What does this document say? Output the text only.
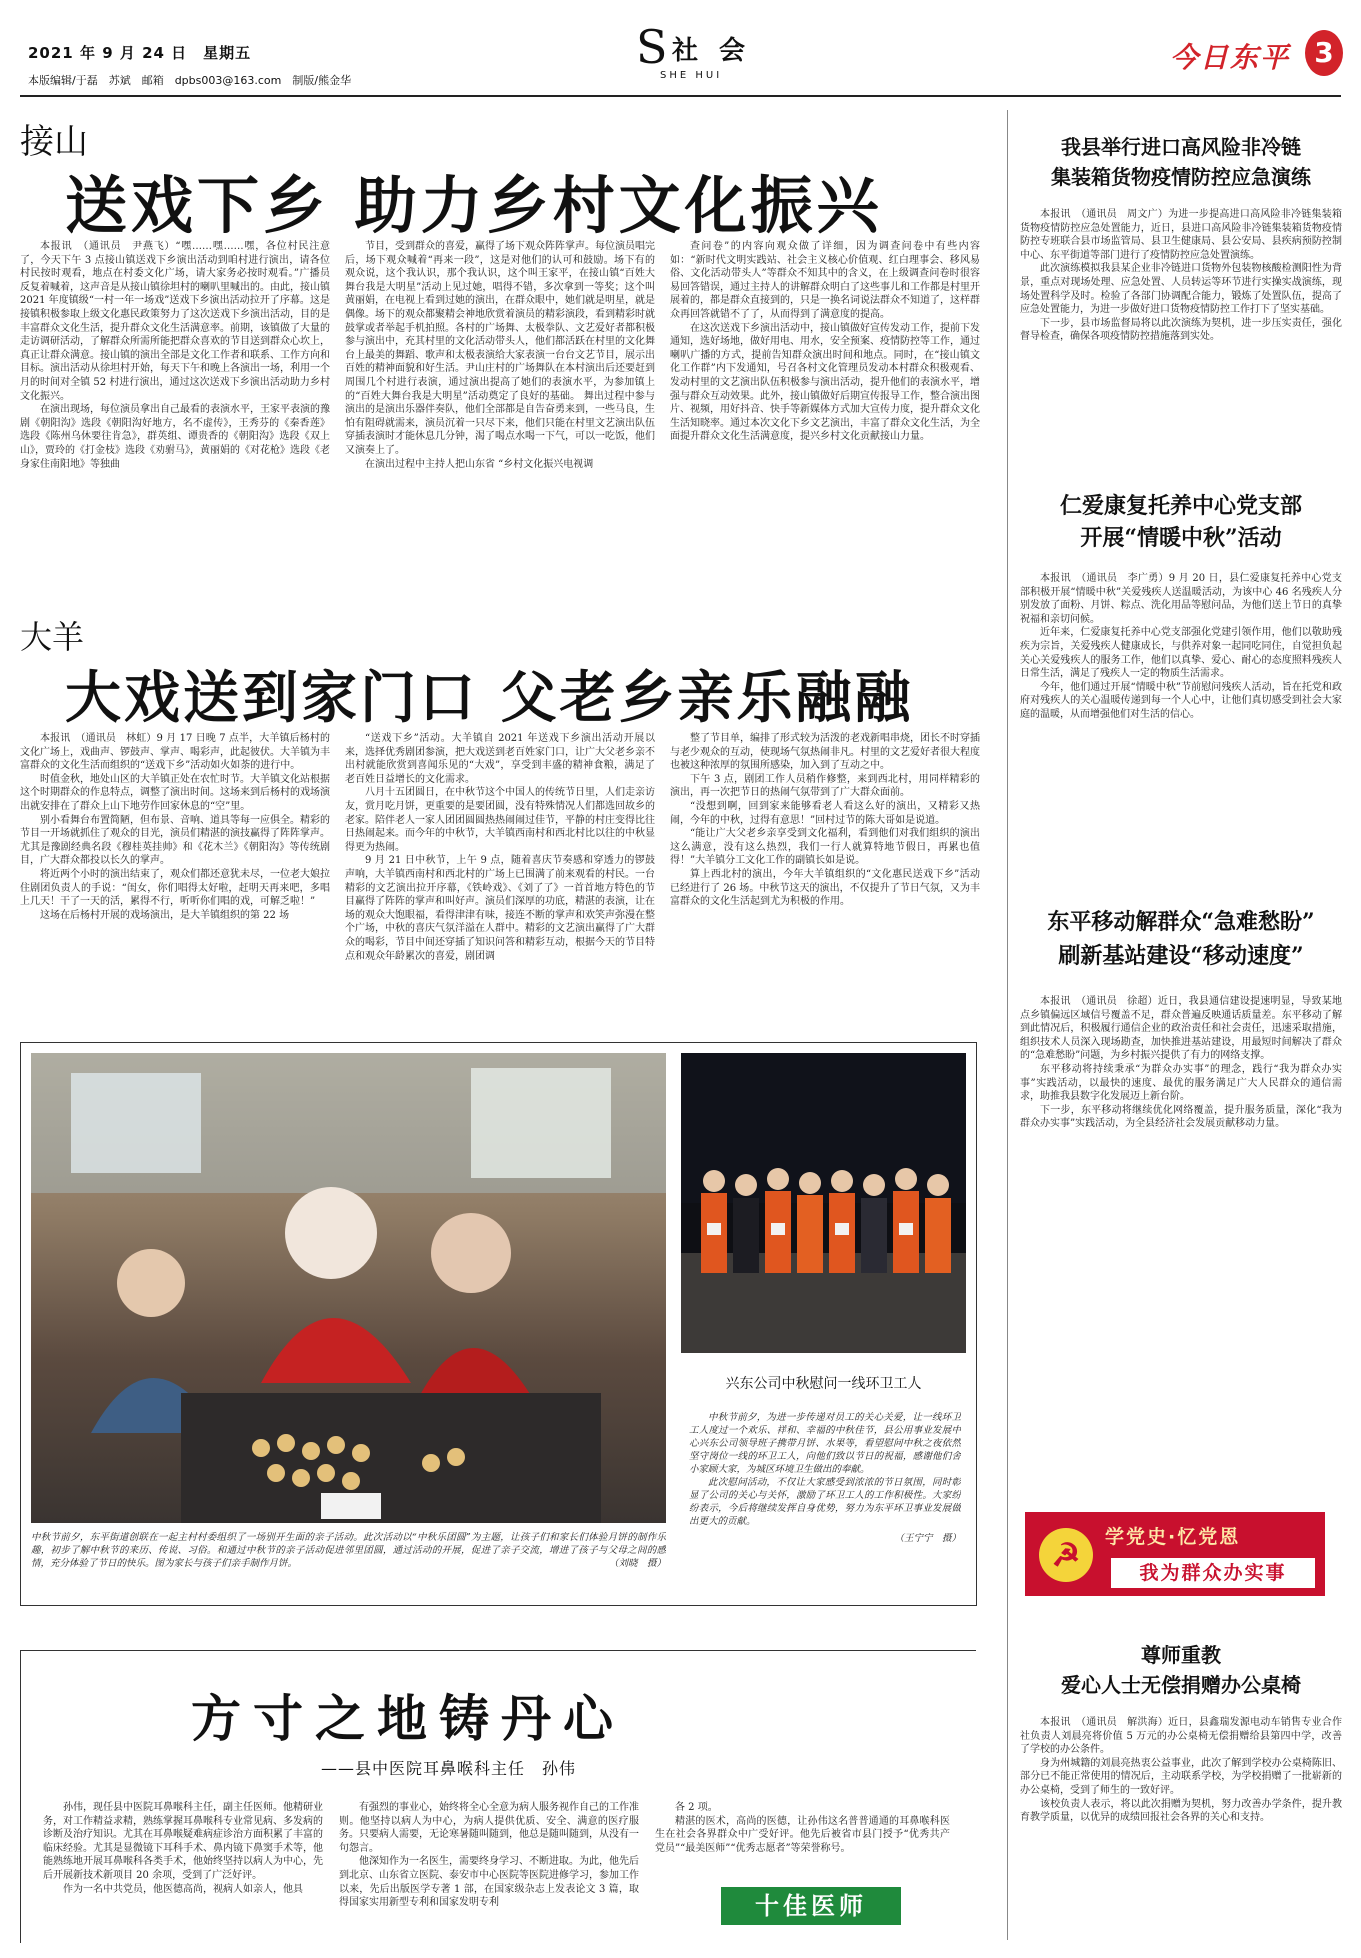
2021 年 9 月 24 日　星期五
本版编辑/于磊　苏斌　邮箱　dpbs003@163.com　制版/熊金华
S 社 会
SHE HUI
今日东平 3
接山
送戏下乡 助力乡村文化振兴

本报讯　（通讯员　尹燕飞）“嘿……嘿……嘿，各位村民注意了，今天下午 3 点接山镇送戏下乡演出活动到咱村进行演出，请各位村民按时观看，地点在村委文化广场，请大家务必按时观看。”广播员反复着喊着，这声音是从接山镇徐坦村的喇叭里喊出的。由此，接山镇 2021 年度镇级“一村一年一场戏”送戏下乡演出活动拉开了序幕。这是接镇积极参取上级文化惠民政策努力了这次送戏下乡演出活动，目的是丰富群众文化生活，提升群众文化生活满意率。前期，该镇做了大量的走访调研活动，了解群众所需所能把群众喜欢的节目送到群众心坎上，真正让群众满意。接山镇的演出全部是文化工作者和联系、工作方向和目标。演出活动从徐坦村开始，每天下午和晚上各演出一场，利用一个月的时间对全镇 52 村进行演出，通过这次送戏下乡演出活动助力乡村文化振兴。

在演出现场，每位演员拿出自己最看的表演水平，王家平表演的豫剧《朝阳沟》选段《朝阳沟好地方，名不虚传》，王秀芬的《秦香莲》选段《陈州乌休要往肯急》，群英组、谭贵香的《朝阳沟》选段《双上山》，贾玲的《打金枝》选段《劝驸马》，黄丽娟的《对花枪》选段《老身家住南阳地》等独曲

节目，受到群众的喜爱，赢得了场下观众阵阵掌声。每位演员唱完后，场下观众喊着“再来一段”，这是对他们的认可和鼓励。场下有的观众说，这个我认识，那个我认识，这个叫王家平，在接山镇“百姓大舞台我是大明星”活动上见过她，唱得不错，多次拿到一等奖；这个叫黄丽娟，在电视上看到过她的演出，在群众眼中，她们就是明星，就是偶像。场下的观众都聚精会神地欣赏着演员的精彩演段，看到精彩时就鼓掌或者举起手机拍照。各村的广场舞、太极拳队、文艺爱好者都积极参与演出中，充其村里的文化活动带头人，他们都活跃在村里的文化舞台上最美的舞蹈、歌声和太极表演给大家表演一台台文艺节目，展示出百姓的精神面貌和好生活。尹山庄村的广场舞队在本村演出后还要赶到周围几个村进行表演，通过演出提高了她们的表演水平，为参加镇上的“百姓大舞台我是大明星”活动奠定了良好的基础。 舞出过程中参与演出的是演出乐器伴奏队，他们全部都是自告奋勇来到，一些马良，生怕有阻碍就需来，演员沉着一只尽下来，他们只能在村里文艺演出队伍穿插表演时才能休息几分钟，渴了喝点水喝一下气，可以一吃饭，他们又演奏上了。

在演出过程中主持人把山东省 “乡村文化振兴电视调

查问卷”的内容向观众做了详细，因为调查问卷中有些内容如：“新时代文明实践站、社会主义核心价值观、红白理事会、移风易俗、文化活动带头人”等群众不知其中的含义，在上级调查问卷时很容易回答错误，通过主持人的讲解群众明白了这些事儿和工作都是村里开展着的，都是群众直接到的，只是一换名词说法群众不知道了，这样群众再回答就错不了了，从而得到了满意度的提高。

在这次送戏下乡演出活动中，接山镇做好宣传发动工作，提前下发通知，选好场地，做好用电、用水，安全预案、疫情防控等工作，通过喇叭广播的方式，提前告知群众演出时间和地点。同时，在“接山镇文化工作群”内下发通知，号召各村文化管理员发动本村群众积极观看、发动村里的文艺演出队伍积极参与演出活动，提升他们的表演水平，增强与群众互动效果。此外，接山镇做好后期宣传报导工作，整合演出图片、视频，用好抖音、快手等新媒体方式加大宣传力度，提升群众文化生活知晓率。通过本次文化下乡文艺演出，丰富了群众文化生活，为全面提升群众文化生活满意度，提兴乡村文化贡献接山力量。

大羊
大戏送到家门口 父老乡亲乐融融

本报讯　（通讯员　林虹）9 月 17 日晚 7 点半，大羊镇后杨村的文化广场上，戏曲声、锣鼓声、掌声、喝彩声，此起彼伏。大羊镇为丰富群众的文化生活而组织的“送戏下乡”活动如火如荼的进行中。

时值金秋，地处山区的大羊镇正处在农忙时节。大羊镇文化站根据这个时期群众的作息特点，调整了演出时间。这场来到后杨村的戏场演出就安排在了群众上山下地劳作回家休息的“空”里。

别小看舞台布置简陋，但布景、音响、道具等每一应俱全。精彩的节目一开场就抓住了观众的目光，演员们精湛的演技赢得了阵阵掌声。尤其是豫剧经典名段《穆桂英挂帅》和《花木兰》《朝阳沟》等传统剧目，广大群众都投以长久的掌声。

将近两个小时的演出结束了，观众们都还意犹未尽，一位老大娘拉住剧团负责人的手说：“闺女，你们唱得太好啦，赶明天再来吧，多唱上几天！干了一天的活，累得不行，听听你们唱的戏，可解乏啦！”

这场在后杨村开展的戏场演出，是大羊镇组织的第 22 场

“送戏下乡”活动。大羊镇自 2021 年送戏下乡演出活动开展以来，选择优秀剧团参演，把大戏送到老百姓家门口，让广大父老乡亲不出村就能欣赏到喜闻乐见的“大戏”，享受到丰盛的精神食粮，满足了老百姓日益增长的文化需求。

八月十五团圆日，在中秋节这个中国人的传统节日里，人们走亲访友，赏月吃月饼，更重要的是要团圆，没有特殊情况人们都选回故乡的老家。陪伴老人一家人团团圆圆热热闹闹过佳节，平静的村庄变得比往日热闹起来。而今年的中秋节，大羊镇西南村和西北村比以往的中秋显得更为热闹。

9 月 21 日中秋节，上午 9 点，随着喜庆节奏感和穿透力的锣鼓声响，大羊镇西南村和西北村的广场上已围满了前来观看的村民。一台精彩的文艺演出拉开序幕，《铁岭戏》、《刘了了》一首首地方特色的节目赢得了阵阵的掌声和叫好声。演员们深厚的功底，精湛的表演，让在场的观众大饱眼福，看得津津有味，接连不断的掌声和欢笑声弥漫在整个广场，中秋的喜庆气氛洋溢在人群中。精彩的文艺演出赢得了广大群众的喝彩，节目中间还穿插了知识问答和精彩互动，根据今天的节目特点和观众年龄累次的喜爱，剧团调

整了节目单，编排了形式较为活泼的老戏新唱串烧，团长不时穿插与老少观众的互动，使现场气氛热闹非凡。村里的文艺爱好者很大程度也被这种浓厚的氛围所感染，加入到了互动之中。

下午 3 点，剧团工作人员稍作修整，来到西北村，用同样精彩的演出，再一次把节日的热闹气氛带到了广大群众面前。

“没想到啊，回到家来能够看老人看这么好的演出，又精彩又热闹，今年的中秋，过得有意思！”回村过节的陈大哥如是说道。

“能让广大父老乡亲享受到文化福利，看到他们对我们组织的演出这么满意，没有这么热烈，我们一行人就算特地节假日，再累也值得！”大羊镇分工文化工作的副镇长如是说。

算上西北村的演出，今年大羊镇组织的“文化惠民送戏下乡”活动已经进行了 26 场。中秋节这天的演出，不仅提升了节日气氛，又为丰富群众的文化生活起到尤为积极的作用。

中秋节前夕，东平街道创联在一起主村村委组织了一场别开生面的亲子活动。此次活动以“中秋乐团圆”为主题，让孩子们和家长们体验月饼的制作乐趣，初步了解中秋节的来历、传说、习俗。和通过中秋节的亲子活动促进邻里团圆，通过活动的开展，促进了亲子交流，增进了孩子与父母之间的感情，充分体验了节日的快乐。图为家长与孩子们亲手制作月饼。	（刘晓　摄）
兴东公司中秋慰问一线环卫工人

中秋节前夕，为进一步传递对员工的关心关爱，让一线环卫工人度过一个欢乐、祥和、幸福的中秋佳节，县公用事业发展中心兴东公司领导班子携带月饼、水果等，看望慰问中秋之夜依然坚守岗位一线的环卫工人，向他们致以节日的祝福，感谢他们舍小家顾大家，为城区环境卫生做出的奉献。

此次慰问活动，不仅让大家感受到浓浓的节日氛围，同时彰显了公司的关心与关怀，激励了环卫工人的工作积极性。大家纷纷表示，今后将继续发挥自身优势，努力为东平环卫事业发展做出更大的贡献。

（王宁宁　摄）
方寸之地铸丹心
——县中医院耳鼻喉科主任　孙伟

孙伟，现任县中医院耳鼻喉科主任，副主任医师。他精研业务，对工作精益求精，熟练掌握耳鼻喉科专业常见病、多发病的诊断及治疗知识。尤其在耳鼻喉疑难病症诊治方面积累了丰富的临床经验。尤其是显微镜下耳科手术、鼻内镜下鼻窦手术等，他能熟练地开展耳鼻喉科各类手术，他始终坚持以病人为中心，先后开展新技术新项目 20 余项，受到了广泛好评。

作为一名中共党员，他医德高尚，视病人如亲人，他具

有强烈的事业心，始终将全心全意为病人服务视作自己的工作准则。他坚持以病人为中心，为病人提供优质、安全、满意的医疗服务。只要病人需要，无论寒暑随叫随到，他总是随叫随到，从没有一句怨言。

他深知作为一名医生，需要终身学习、不断进取。为此，他先后到北京、山东省立医院、泰安市中心医院等医院进修学习，参加工作以来，先后出版医学专著 1 部，在国家级杂志上发表论文 3 篇，取得国家实用新型专利和国家发明专利

各 2 项。

精湛的医术，高尚的医德，让孙伟这名普普通通的耳鼻喉科医生在社会各界群众中广受好评。他先后被省市县门授予“优秀共产党员”“最美医师”“优秀志愿者”等荣誉称号。

十佳医师
我县举行进口高风险非冷链
集装箱货物疫情防控应急演练

本报讯　（通讯员　周文广）为进一步提高进口高风险非冷链集装箱货物疫情防控应急处置能力，近日，县进口高风险非冷链集装箱货物疫情防控专班联合县市场监管局、县卫生健康局、县公安局、县疾病预防控制中心、东平街道等部门进行了疫情防控应急处置演练。

此次演练模拟我县某企业非冷链进口货物外包装物核酸检测阳性为背景，重点对现场处理、应急处置、人员转运等环节进行实操实战演练，现场处置科学及时。检验了各部门协调配合能力，锻炼了处置队伍，提高了应急处置能力，为进一步做好进口货物疫情防控工作打下了坚实基础。

下一步，县市场监督局将以此次演练为契机，进一步压实责任，强化督导检查，确保各项疫情防控措施落到实处。

仁爱康复托养中心党支部
开展“情暖中秋”活动

本报讯　（通讯员　李广勇）9 月 20 日，县仁爱康复托养中心党支部积极开展“情暖中秋”关爱残疾人送温暖活动，为该中心 46 名残疾人分别发放了面粉、月饼、粽点、洗化用品等慰问品，为他们送上节日的真挚祝福和亲切问候。

近年来，仁爱康复托养中心党支部强化党建引领作用，他们以敬助残疾为宗旨，关爱残疾人健康成长，与供养对象一起同吃同住，自觉担负起关心关爱残疾人的服务工作，他们以真挚、爱心、耐心的态度照料残疾人日常生活，满足了残疾人一定的物质生活需求。

今年，他们通过开展“情暖中秋”节前慰问残疾人活动，旨在托党和政府对残疾人的关心温暖传递到每一个人心中，让他们真切感受到社会大家庭的温暖，从而增强他们对生活的信心。

东平移动解群众“急难愁盼”
刷新基站建设“移动速度”

本报讯　（通讯员　徐超）近日，我县通信建设提速明显，导致某地点乡镇偏远区域信号覆盖不足，群众普遍反映通话质量差。东平移动了解到此情况后，积极履行通信企业的政治责任和社会责任，迅速采取措施，组织技术人员深入现场勘查，加快推进基站建设，用最短时间解决了群众的“急难愁盼”问题，为乡村振兴提供了有力的网络支撑。

东平移动将持续秉承“为群众办实事”的理念，践行“我为群众办实事”实践活动，以最快的速度、最优的服务满足广大人民群众的通信需求，助推我县数字化发展迈上新台阶。

下一步，东平移动将继续优化网络覆盖，提升服务质量，深化“我为群众办实事”实践活动，为全县经济社会发展贡献移动力量。

☭	学党史·忆党恩
我为群众办实事
尊师重教
爱心人士无偿捐赠办公桌椅

本报讯　（通讯员　解洪海）近日，县鑫瑞发源电动车销售专业合作社负责人刘晨亮将价值 5 万元的办公桌椅无偿捐赠给县第四中学，改善了学校的办公条件。

身为州城籍的刘晨亮热衷公益事业，此次了解到学校办公桌椅陈旧、部分已不能正常使用的情况后，主动联系学校，为学校捐赠了一批崭新的办公桌椅，受到了师生的一致好评。

该校负责人表示，将以此次捐赠为契机，努力改善办学条件，提升教育教学质量，以优异的成绩回报社会各界的关心和支持。
